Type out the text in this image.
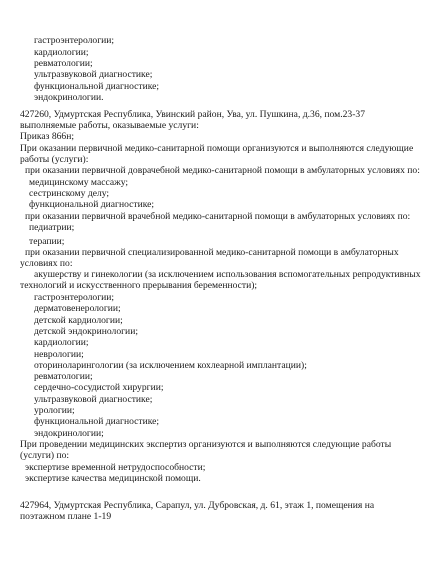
гастроэнтерологии;
кардиологии;
ревматологии;
ультразвуковой диагностике;
функциональной диагностике;
эндокринологии.
427260, Удмуртская Республика, Увинский район, Ува, ул. Пушкина, д.36, пом.23-37
выполняемые работы, оказываемые услуги:
Приказ 866н;
При оказании первичной медико-санитарной помощи организуются и выполняются следующие
работы (услуги):
при оказании первичной доврачебной медико-санитарной помощи в амбулаторных условиях по:
медицинскому массажу;
сестринскому делу;
функциональной диагностике;
при оказании первичной врачебной медико-санитарной помощи в амбулаторных условиях по:
педиатрии;
терапии;
при оказании первичной специализированной медико-санитарной помощи в амбулаторных
условиях по:
акушерству и гинекологии (за исключением использования вспомогательных репродуктивных
технологий и искусственного прерывания беременности);
гастроэнтерологии;
дерматовенерологии;
детской кардиологии;
детской эндокринологии;
кардиологии;
неврологии;
оториноларингологии (за исключением кохлеарной имплантации);
ревматологии;
сердечно-сосудистой хирургии;
ультразвуковой диагностике;
урологии;
функциональной диагностике;
эндокринологии;
При проведении медицинских экспертиз организуются и выполняются следующие работы
(услуги) по:
экспертизе временной нетрудоспособности;
экспертизе качества медицинской помощи.
427964, Удмуртская Республика, Сарапул, ул. Дубровская, д. 61, этаж 1, помещения на
поэтажном плане 1-19
